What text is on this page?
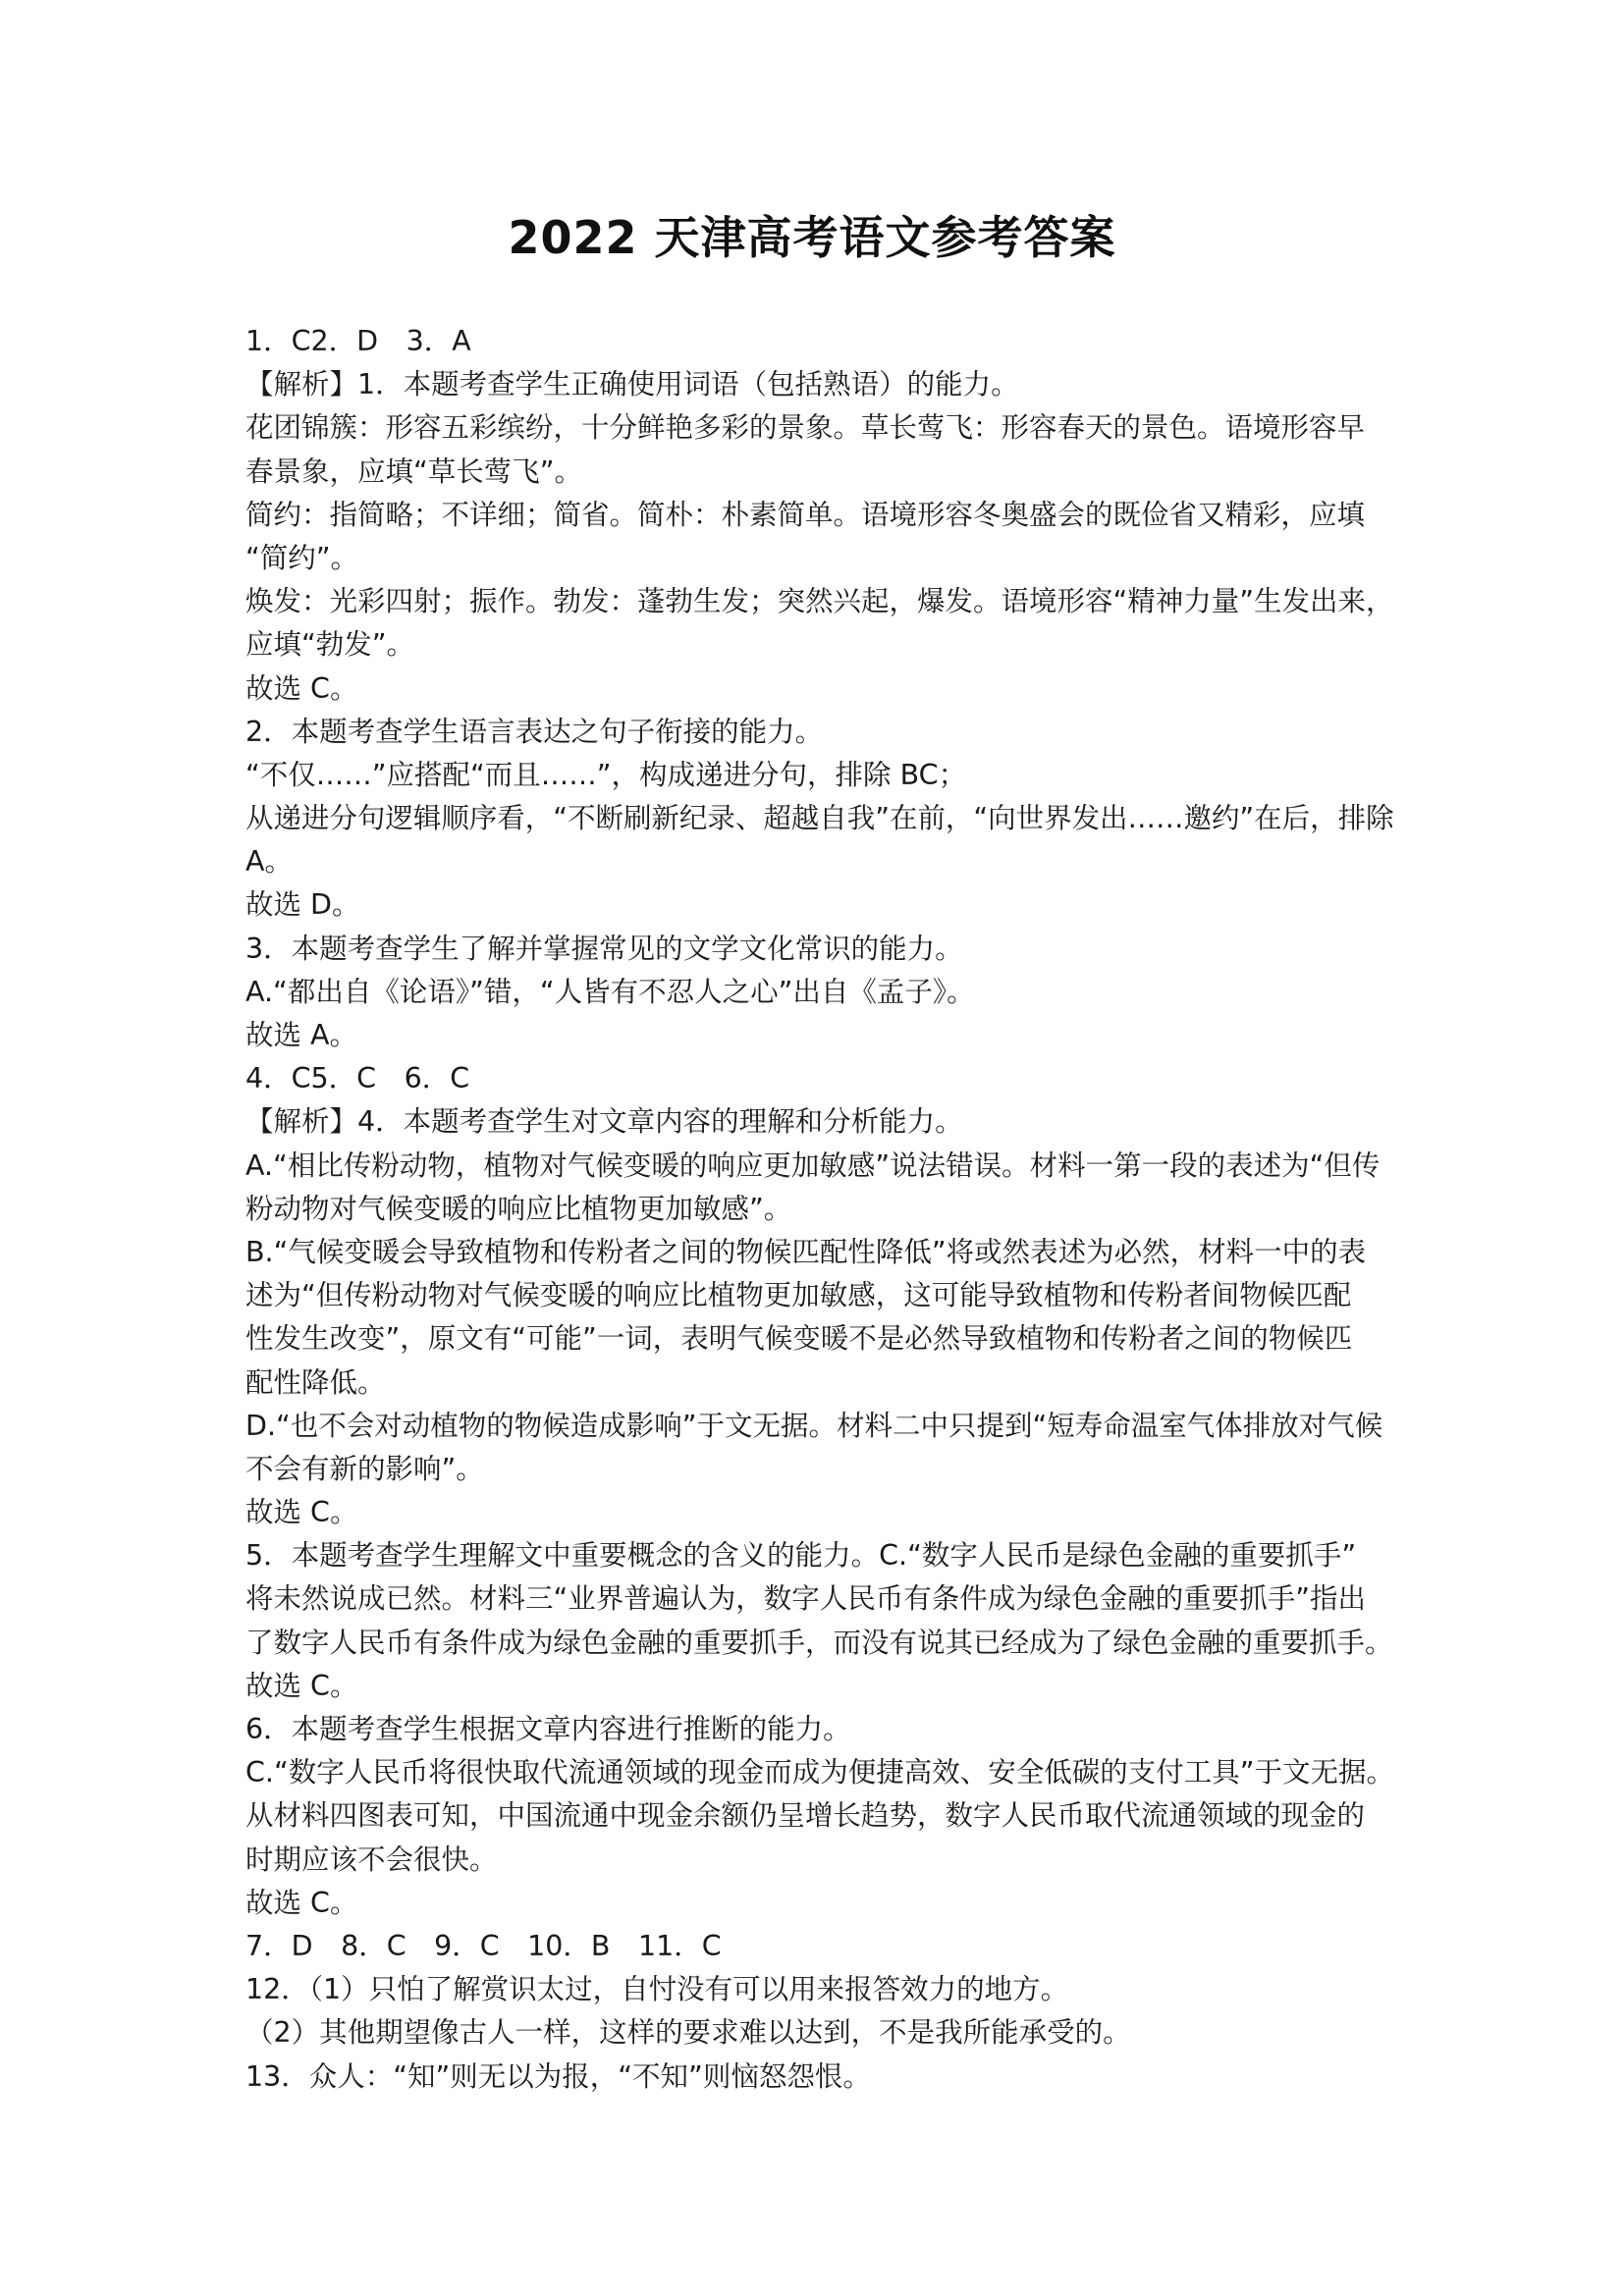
2022 天津高考语文参考答案
1．C2．D　3．A
【解析】1．本题考查学生正确使用词语（包括熟语）的能力。
花团锦簇：形容五彩缤纷，十分鲜艳多彩的景象。草长莺飞：形容春天的景色。语境形容早
春景象，应填“草长莺飞”。
简约：指简略；不详细；简省。简朴：朴素简单。语境形容冬奥盛会的既俭省又精彩，应填
“简约”。
焕发：光彩四射；振作。勃发：蓬勃生发；突然兴起，爆发。语境形容“精神力量”生发出来，
应填“勃发”。
故选 C。
2．本题考查学生语言表达之句子衔接的能力。
“不仅……”应搭配“而且……”，构成递进分句，排除 BC；
从递进分句逻辑顺序看，“不断刷新纪录、超越自我”在前，“向世界发出……邀约”在后，排除
A。
故选 D。
3．本题考查学生了解并掌握常见的文学文化常识的能力。
A.“都出自《论语》”错，“人皆有不忍人之心”出自《孟子》。
故选 A。
4．C5．C　6．C
【解析】4．本题考查学生对文章内容的理解和分析能力。
A.“相比传粉动物，植物对气候变暖的响应更加敏感”说法错误。材料一第一段的表述为“但传
粉动物对气候变暖的响应比植物更加敏感”。
B.“气候变暖会导致植物和传粉者之间的物候匹配性降低”将或然表述为必然，材料一中的表
述为“但传粉动物对气候变暖的响应比植物更加敏感，这可能导致植物和传粉者间物候匹配
性发生改变”，原文有“可能”一词，表明气候变暖不是必然导致植物和传粉者之间的物候匹
配性降低。
D.“也不会对动植物的物候造成影响”于文无据。材料二中只提到“短寿命温室气体排放对气候
不会有新的影响”。
故选 C。
5．本题考查学生理解文中重要概念的含义的能力。C.“数字人民币是绿色金融的重要抓手”
将未然说成已然。材料三“业界普遍认为，数字人民币有条件成为绿色金融的重要抓手”指出
了数字人民币有条件成为绿色金融的重要抓手，而没有说其已经成为了绿色金融的重要抓手。
故选 C。
6．本题考查学生根据文章内容进行推断的能力。
C.“数字人民币将很快取代流通领域的现金而成为便捷高效、安全低碳的支付工具”于文无据。
从材料四图表可知，中国流通中现金余额仍呈增长趋势，数字人民币取代流通领域的现金的
时期应该不会很快。
故选 C。
7．D　8．C　9．C　10．B　11．C
12．（1）只怕了解赏识太过，自忖没有可以用来报答效力的地方。
（2）其他期望像古人一样，这样的要求难以达到，不是我所能承受的。
13．众人：“知”则无以为报，“不知”则恼怒怨恨。
